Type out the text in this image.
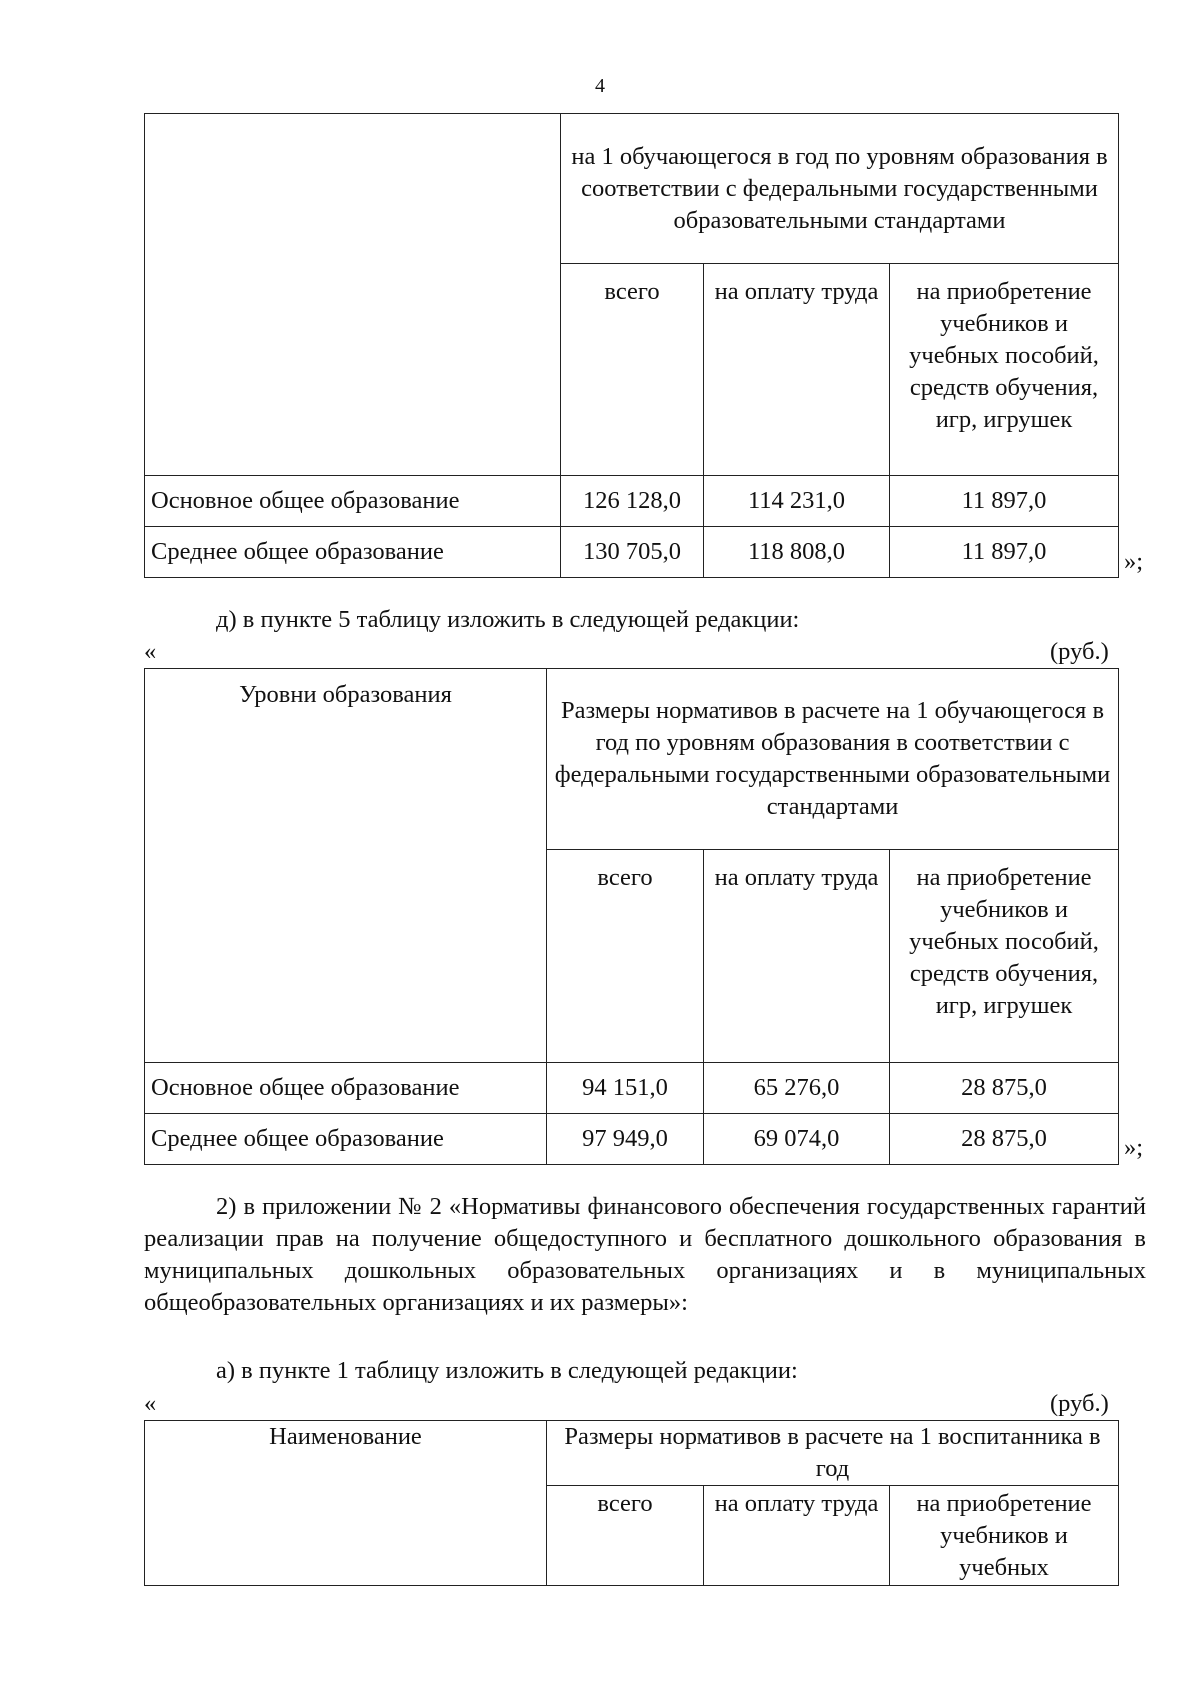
4
	на 1 обучающегося в год по уровням образования в соответствии с федеральными государственными образовательными стандартами		
	всего	на оплату труда	на приобретение учебников и учебных пособий, средств обучения, игр, игрушек
Основное общее образование	126 128,0	114 231,0	11 897,0
Среднее общее образование	130 705,0	118 808,0	11 897,0	»;
д) в пункте 5 таблицу изложить в следующей редакции:
«	(руб.)
Уровни образования	Размеры нормативов в расчете на 1 обучающегося в год по уровням образования в соответствии с федеральными государственными образовательными стандартами		
	всего	на оплату труда	на приобретение учебников и учебных пособий, средств обучения, игр, игрушек
Основное общее образование	94 151,0	65 276,0	28 875,0
Среднее общее образование	97 949,0	69 074,0	28 875,0	»;
2) в приложении № 2 «Нормативы финансового обеспечения государственных гарантий реализации прав на получение общедоступного и бесплатного дошкольного образования в муниципальных дошкольных образовательных организациях и в муниципальных общеобразовательных организациях и их размеры»:
а) в пункте 1 таблицу изложить в следующей редакции:
«	(руб.)
Наименование	Размеры нормативов в расчете на 1 воспитанника в год		
	всего	на оплату труда	на приобретение учебников и учебных
